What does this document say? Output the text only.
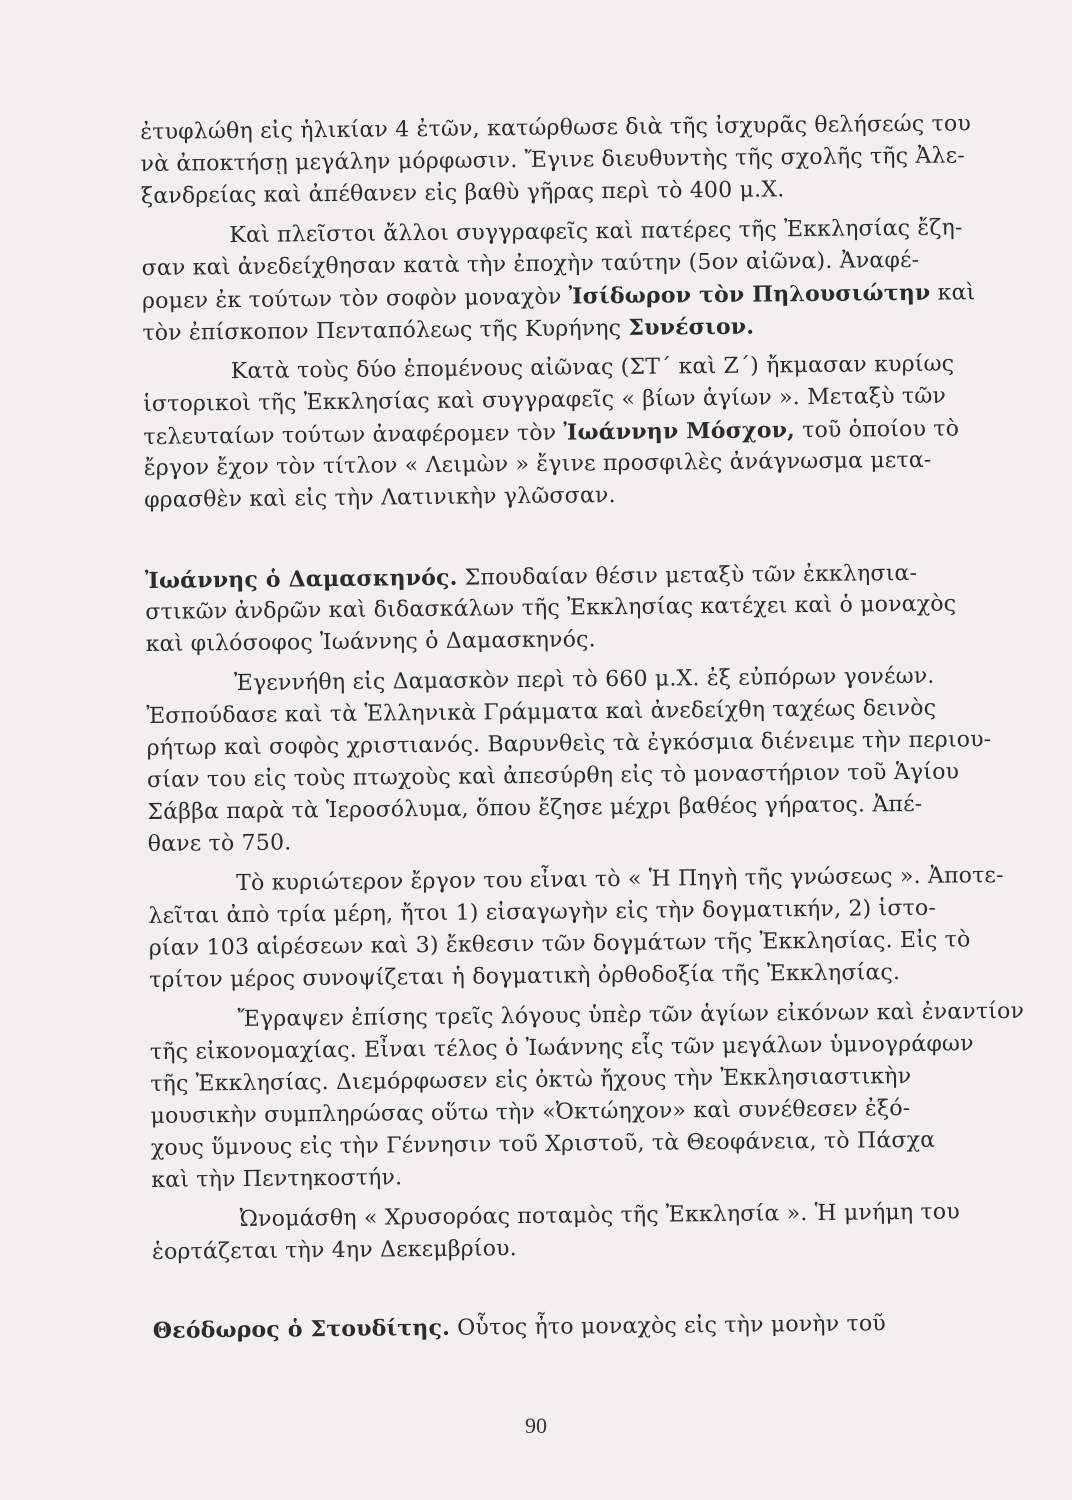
ἐτυφλώθη εἰς ἡλικίαν 4 ἐτῶν, κατώρθωσε διὰ τῆς ἰσχυρᾶς θελήσεώς του
νὰ ἀποκτήσῃ μεγάλην μόρφωσιν. Ἔγινε διευθυντὴς τῆς σχολῆς τῆς Ἀλε-
ξανδρείας καὶ ἀπέθανεν εἰς βαθὺ γῆρας περὶ τὸ 400 μ.Χ.
Καὶ πλεῖστοι ἄλλοι συγγραφεῖς καὶ πατέρες τῆς Ἐκκλησίας ἔζη-
σαν καὶ ἀνεδείχθησαν κατὰ τὴν ἐποχὴν ταύτην (5ον αἰῶνα). Ἀναφέ-
ρομεν ἐκ τούτων τὸν σοφὸν μοναχὸν Ἰσίδωρον τὸν Πηλουσιώτην καὶ
τὸν ἐπίσκοπον Πενταπόλεως τῆς Κυρήνης Συνέσιον.
Κατὰ τοὺς δύο ἑπομένους αἰῶνας (ΣΤ΄ καὶ Ζ΄) ἤκμασαν κυρίως
ἱστορικοὶ τῆς Ἐκκλησίας καὶ συγγραφεῖς « βίων ἁγίων ». Μεταξὺ τῶν
τελευταίων τούτων ἀναφέρομεν τὸν Ἰωάννην Μόσχον, τοῦ ὁποίου τὸ
ἔργον ἔχον τὸν τίτλον « Λειμὼν » ἔγινε προσφιλὲς ἀνάγνωσμα μετα-
φρασθὲν καὶ εἰς τὴν Λατινικὴν γλῶσσαν.
Ἰωάννης ὁ Δαμασκηνός. Σπουδαίαν θέσιν μεταξὺ τῶν ἐκκλησια-
στικῶν ἀνδρῶν καὶ διδασκάλων τῆς Ἐκκλησίας κατέχει καὶ ὁ μοναχὸς
καὶ φιλόσοφος Ἰωάννης ὁ Δαμασκηνός.
Ἐγεννήθη εἰς Δαμασκὸν περὶ τὸ 660 μ.Χ. ἐξ εὐπόρων γονέων.
Ἐσπούδασε καὶ τὰ Ἑλληνικὰ Γράμματα καὶ ἀνεδείχθη ταχέως δεινὸς
ρήτωρ καὶ σοφὸς χριστιανός. Βαρυνθεὶς τὰ ἐγκόσμια διένειμε τὴν περιου-
σίαν του εἰς τοὺς πτωχοὺς καὶ ἀπεσύρθη εἰς τὸ μοναστήριον τοῦ Ἁγίου
Σάββα παρὰ τὰ Ἱεροσόλυμα, ὅπου ἔζησε μέχρι βαθέος γήρατος. Ἀπέ-
θανε τὸ 750.
Τὸ κυριώτερον ἔργον του εἶναι τὸ « Ἡ Πηγὴ τῆς γνώσεως ». Ἀποτε-
λεῖται ἀπὸ τρία μέρη, ἤτοι 1) εἰσαγωγὴν εἰς τὴν δογματικήν, 2) ἱστο-
ρίαν 103 αἱρέσεων καὶ 3) ἔκθεσιν τῶν δογμάτων τῆς Ἐκκλησίας. Εἰς τὸ
τρίτον μέρος συνοψίζεται ἡ δογματικὴ ὀρθοδοξία τῆς Ἐκκλησίας.
Ἔγραψεν ἐπίσης τρεῖς λόγους ὑπὲρ τῶν ἁγίων εἰκόνων καὶ ἐναντίον
τῆς εἰκονομαχίας. Εἶναι τέλος ὁ Ἰωάννης εἷς τῶν μεγάλων ὑμνογράφων
τῆς Ἐκκλησίας. Διεμόρφωσεν εἰς ὀκτὼ ἤχους τὴν Ἐκκλησιαστικὴν
μουσικὴν συμπληρώσας οὕτω τὴν «Ὀκτώηχον» καὶ συνέθεσεν ἐξό-
χους ὕμνους εἰς τὴν Γέννησιν τοῦ Χριστοῦ, τὰ Θεοφάνεια, τὸ Πάσχα
καὶ τὴν Πεντηκοστήν.
Ὠνομάσθη « Χρυσορόας ποταμὸς τῆς Ἐκκλησία ». Ἡ μνήμη του
ἑορτάζεται τὴν 4ην Δεκεμβρίου.
Θεόδωρος ὁ Στουδίτης. Οὗτος ἦτο μοναχὸς εἰς τὴν μονὴν τοῦ
90
